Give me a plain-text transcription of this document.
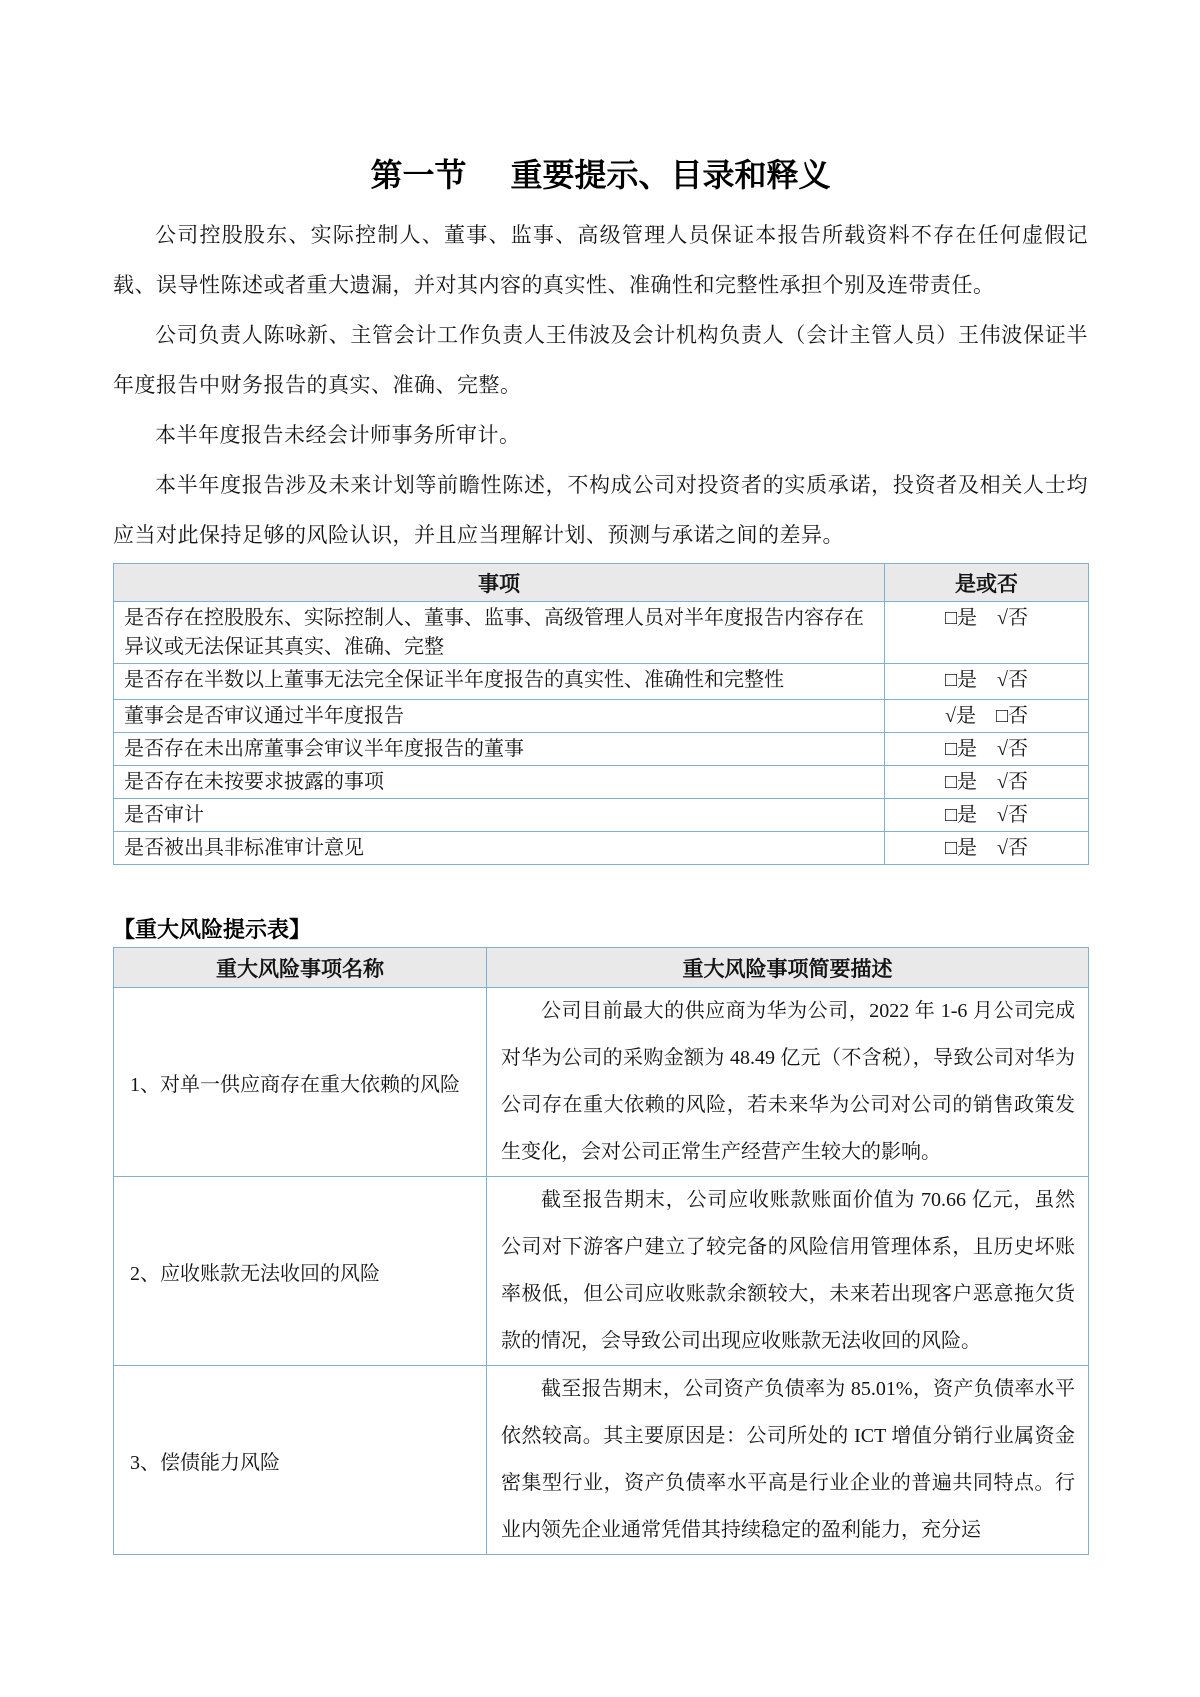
第一节 重要提示、目录和释义

公司控股股东、实际控制人、董事、监事、高级管理人员保证本报告所载资料不存在任何虚假记载、误导性陈述或者重大遗漏，并对其内容的真实性、准确性和完整性承担个别及连带责任。

公司负责人陈咏新、主管会计工作负责人王伟波及会计机构负责人（会计主管人员）王伟波保证半年度报告中财务报告的真实、准确、完整。

本半年度报告未经会计师事务所审计。

本半年度报告涉及未来计划等前瞻性陈述，不构成公司对投资者的实质承诺，投资者及相关人士均应当对此保持足够的风险认识，并且应当理解计划、预测与承诺之间的差异。

事项	是或否
是否存在控股股东、实际控制人、董事、监事、高级管理人员对半年度报告内容存在异议或无法保证其真实、准确、完整	□是　√否
是否存在半数以上董事无法完全保证半年度报告的真实性、准确性和完整性	□是　√否
董事会是否审议通过半年度报告	√是　□否
是否存在未出席董事会审议半年度报告的董事	□是　√否
是否存在未按要求披露的事项	□是　√否
是否审计	□是　√否
是否被出具非标准审计意见	□是　√否
【重大风险提示表】
重大风险事项名称	重大风险事项简要描述
1、对单一供应商存在重大依赖的风险	公司目前最大的供应商为华为公司，2022 年 1-6 月公司完成对华为公司的采购金额为 48.49 亿元（不含税），导致公司对华为公司存在重大依赖的风险，若未来华为公司对公司的销售政策发生变化，会对公司正常生产经营产生较大的影响。
2、应收账款无法收回的风险	截至报告期末，公司应收账款账面价值为 70.66 亿元，虽然公司对下游客户建立了较完备的风险信用管理体系，且历史坏账率极低，但公司应收账款余额较大，未来若出现客户恶意拖欠货款的情况，会导致公司出现应收账款无法收回的风险。
3、偿债能力风险	截至报告期末，公司资产负债率为 85.01%，资产负债率水平依然较高。其主要原因是：公司所处的 ICT 增值分销行业属资金密集型行业，资产负债率水平高是行业企业的普遍共同特点。行业内领先企业通常凭借其持续稳定的盈利能力，充分运
